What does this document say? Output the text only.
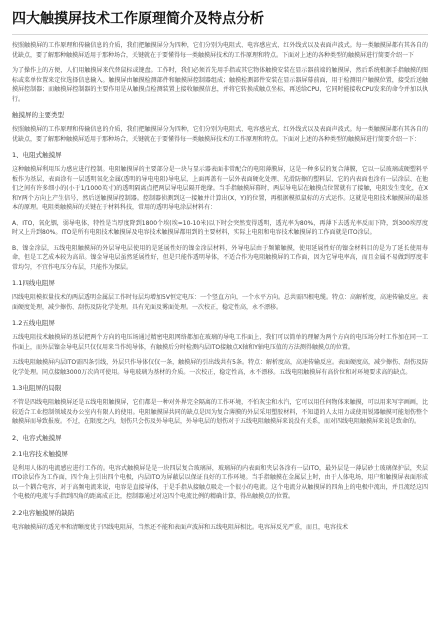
四大触摸屏技术工作原理简介及特点分析

按照触摸屏的工作原理和传输信息的介质，我们把触摸屏分为四种，它们分别为电阻式、电容感应式、红外线式以及表面声波式。每一类触摸屏都有其各自的优缺点，要了解那种触摸屏适用于那种场合，关键就在于要懂得每一类触摸屏技术的工作原理和特点。下面对上述的各种类型的触摸屏进行简要介绍一下

为了操作上的方便，人们用触摸屏来代替鼠标或键盘。工作时，我们必须首先用手指或其它物体触摸安装在显示器前端的触摸屏，然后系统根据手指触摸的图标或菜单位置来定位选择信息输入。触摸屏由触摸检测部件和触摸屏控制器组成；触摸检测部件安装在显示器屏幕前面，用于检测用户触摸位置，接受后送触摸屏控制器；而触摸屏控制器的主要作用是从触摸点检测装置上接收触摸信息，并将它转换成触点坐标，再送给CPU，它同时能接收CPU发来的命令并加以执行。

触摸屏的主要类型

按照触摸屏的工作原理和传输信息的介质，我们把触摸屏分为四种，它们分别为电阻式、电容感应式、红外线式以及表面声波式。每一类触摸屏都有其各自的优缺点，要了解那种触摸屏适用于那种场合，关键就在于要懂得每一类触摸屏技术的工作原理和特点。下面对上述的各种类型的触摸屏进行简要介绍一下：

1、电阻式触摸屏

这种触摸屏利用压力感应进行控制。电阻触摸屏的主要部分是一块与显示器表面非常配合的电阻薄膜屏，这是一种多层的复合薄膜，它以一层玻璃或硬塑料平板作为基层，表面涂有一层透明氧化金属(透明的导电电阻)导电层，上面再盖有一层外表面硬化处理、光滑防擦的塑料层、它的内表面也涂有一层涂层、在他们之间有许多细小的(小于1/1000英寸)的透明隔离点把两层导电层隔开绝缘。当手指触摸屏幕时，两层导电层在触摸点位置就有了接触，电阻发生变化，在X和Y两个方向上产生信号，然后送触摸屏控制器。控制器侦测到这一接触并计算出(X，Y)的位置，再根据模拟鼠标的方式运作。这就是电阻技术触摸屏的最基本的原理。电阻类触摸屏的关键在于材料科技，常用的透明导电涂层材料有：

A、ITO，氧化铟，弱导电体，特性是当厚度降到1800个埃(埃=10-10米)以下时会突然变得透明，透光率为80%，再薄下去透光率反而下降，到300埃厚度时又上升到80%。ITO是所有电阻技术触摸屏及电容技术触摸屏都用到的主要材料，实际上电阻和电容技术触摸屏的工作面就是ITO涂层。

B、镍金涂层，五线电阻触摸屏的外层导电层使用的是延展性好的镍金涂层材料，外导电层由于频繁触摸，使用延展性好的镍金材料目的是为了延长使用寿命，但是工艺成本较为高昂。镍金导电层虽然延展性好，但是只能作透明导体，不适合作为电阻触摸屏的工作面，因为它导电率高，而且金属不易做到厚度非常均匀，不宜作电压分布层，只能作为探层。

1.1四线电阻屏

四线电阻模拟量技术的两层透明金属层工作时每层均增加5V恒定电压：一个竖直方向，一个水平方向。总共需四根电缆。特点：高解析度，高速传输反应。表面硬度处理，减少擦伤、刮伤及防化学处理。具有光面及雾面处理。一次校正，稳定性高，永不漂移。

1.2五线电阻屏

五线电阻技术触摸屏的基层把两个方向的电压场通过精密电阻网络都加在玻璃的导电工作面上，我们可以简单的理解为两个方向的电压场分时工作加在同一工作面上，而外层镍金导电层只仅仅用来当作纯导体，有触摸后分时检测内层ITO接触点X轴和Y轴电压值的方法测得触摸点的位置。

五线电阻触摸屏内层ITO需四条引线，外层只作导体仅仅一条，触摸屏的引出线共有5条。特点：解析度高，高速传输反应。表面硬度高，减少擦伤、刮伤及防化学处理。同点接触3000万次尚可使用。导电玻璃为基材的介质。一次校正，稳定性高，永不漂移。五线电阻触摸屏有高价位和对环境要求高的缺点。

1.3电阻屏的局限

不管是四线电阻触摸屏还是五线电阻触摸屏，它们都是一种对外界完全隔离的工作环境，不怕灰尘和水汽，它可以用任何物体来触摸，可以用来写字画画，比较适合工业控制领域及办公室内有限人的使用。电阻触摸屏共同的缺点是因为复合薄膜的外层采用塑胶材料，不知道的人太用力或使用锐器触摸可能划伤整个触摸屏而导致报废。不过，在限度之内，划伤只会伤及外导电层，外导电层的划伤对于五线电阻触摸屏来说没有关系，而对四线电阻触摸屏来说是致命的。

2、电容式触摸屏
2.1电容技术触摸屏

是利用人体的电流感应进行工作的。电容式触摸屏是是一块四层复合玻璃屏，玻璃屏的内表面和夹层各涂有一层ITO，最外层是一薄层砂土玻璃保护层，夹层ITO涂层作为工作面，四个角上引出四个电极，内层ITO为屏蔽层以保证良好的工作环境。当手指触摸在金属层上时，由于人体电场，用户和触摸屏表面形成以一个耦合电容，对于高频电流来说，电容是直接导体，于是手指从接触点吸走一个很小的电流。这个电流分从触摸屏的四角上的电极中流出，并且流经这四个电极的电流与手指到四角的距离成正比，控制器通过对这四个电流比例的精确计算，得出触摸点的位置。

2.2电容触摸屏的缺陷

电容触摸屏的透光率和清晰度优于四线电阻屏，当然还不能和表面声波屏和五线电阻屏相比。电容屏反光严重，而且，电容技术
